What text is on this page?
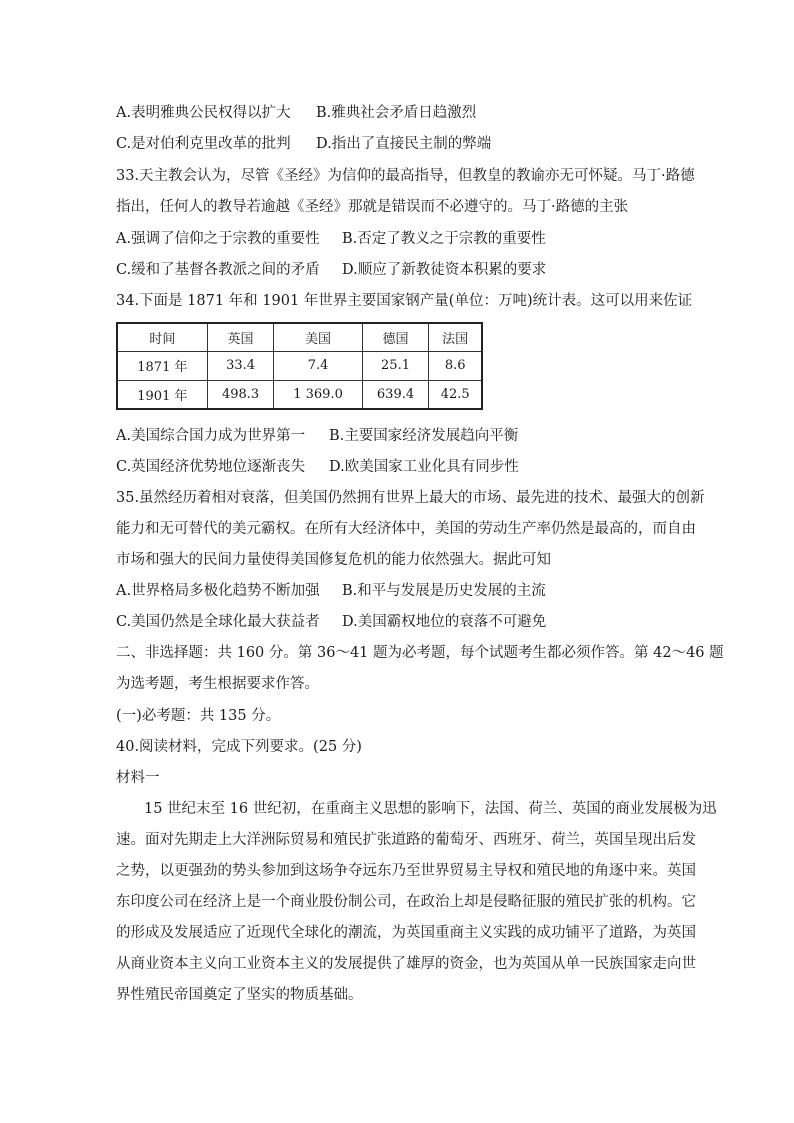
A.表明雅典公民权得以扩大 B.雅典社会矛盾日趋激烈
C.是对伯利克里改革的批判 D.指出了直接民主制的弊端
33.天主教会认为，尽管《圣经》为信仰的最高指导，但教皇的教谕亦无可怀疑。马丁·路德
指出，任何人的教导若逾越《圣经》那就是错误而不必遵守的。马丁·路德的主张
A.强调了信仰之于宗教的重要性 B.否定了教义之于宗教的重要性
C.缓和了基督各教派之间的矛盾 D.顺应了新教徒资本积累的要求
34.下面是 1871 年和 1901 年世界主要国家钢产量(单位：万吨)统计表。这可以用来佐证
时间	英国	美国	德国	法国
1871 年	33.4	7.4	25.1	8.6
1901 年	498.3	1 369.0	639.4	42.5
A.美国综合国力成为世界第一 B.主要国家经济发展趋向平衡
C.英国经济优势地位逐渐丧失 D.欧美国家工业化具有同步性
35.虽然经历着相对衰落，但美国仍然拥有世界上最大的市场、最先进的技术、最强大的创新
能力和无可替代的美元霸权。在所有大经济体中，美国的劳动生产率仍然是最高的，而自由
市场和强大的民间力量使得美国修复危机的能力依然强大。据此可知
A.世界格局多极化趋势不断加强 B.和平与发展是历史发展的主流
C.美国仍然是全球化最大获益者 D.美国霸权地位的衰落不可避免
二、非选择题：共 160 分。第 36～41 题为必考题，每个试题考生都必须作答。第 42～46 题
为选考题，考生根据要求作答。
(一)必考题：共 135 分。
40.阅读材料，完成下列要求。(25 分)
材料一
15 世纪末至 16 世纪初，在重商主义思想的影响下，法国、荷兰、英国的商业发展极为迅
速。面对先期走上大洋洲际贸易和殖民扩张道路的葡萄牙、西班牙、荷兰，英国呈现出后发
之势，以更强劲的势头参加到这场争夺远东乃至世界贸易主导权和殖民地的角逐中来。英国
东印度公司在经济上是一个商业股份制公司，在政治上却是侵略征服的殖民扩张的机构。它
的形成及发展适应了近现代全球化的潮流，为英国重商主义实践的成功铺平了道路，为英国
从商业资本主义向工业资本主义的发展提供了雄厚的资金，也为英国从单一民族国家走向世
界性殖民帝国奠定了坚实的物质基础。
